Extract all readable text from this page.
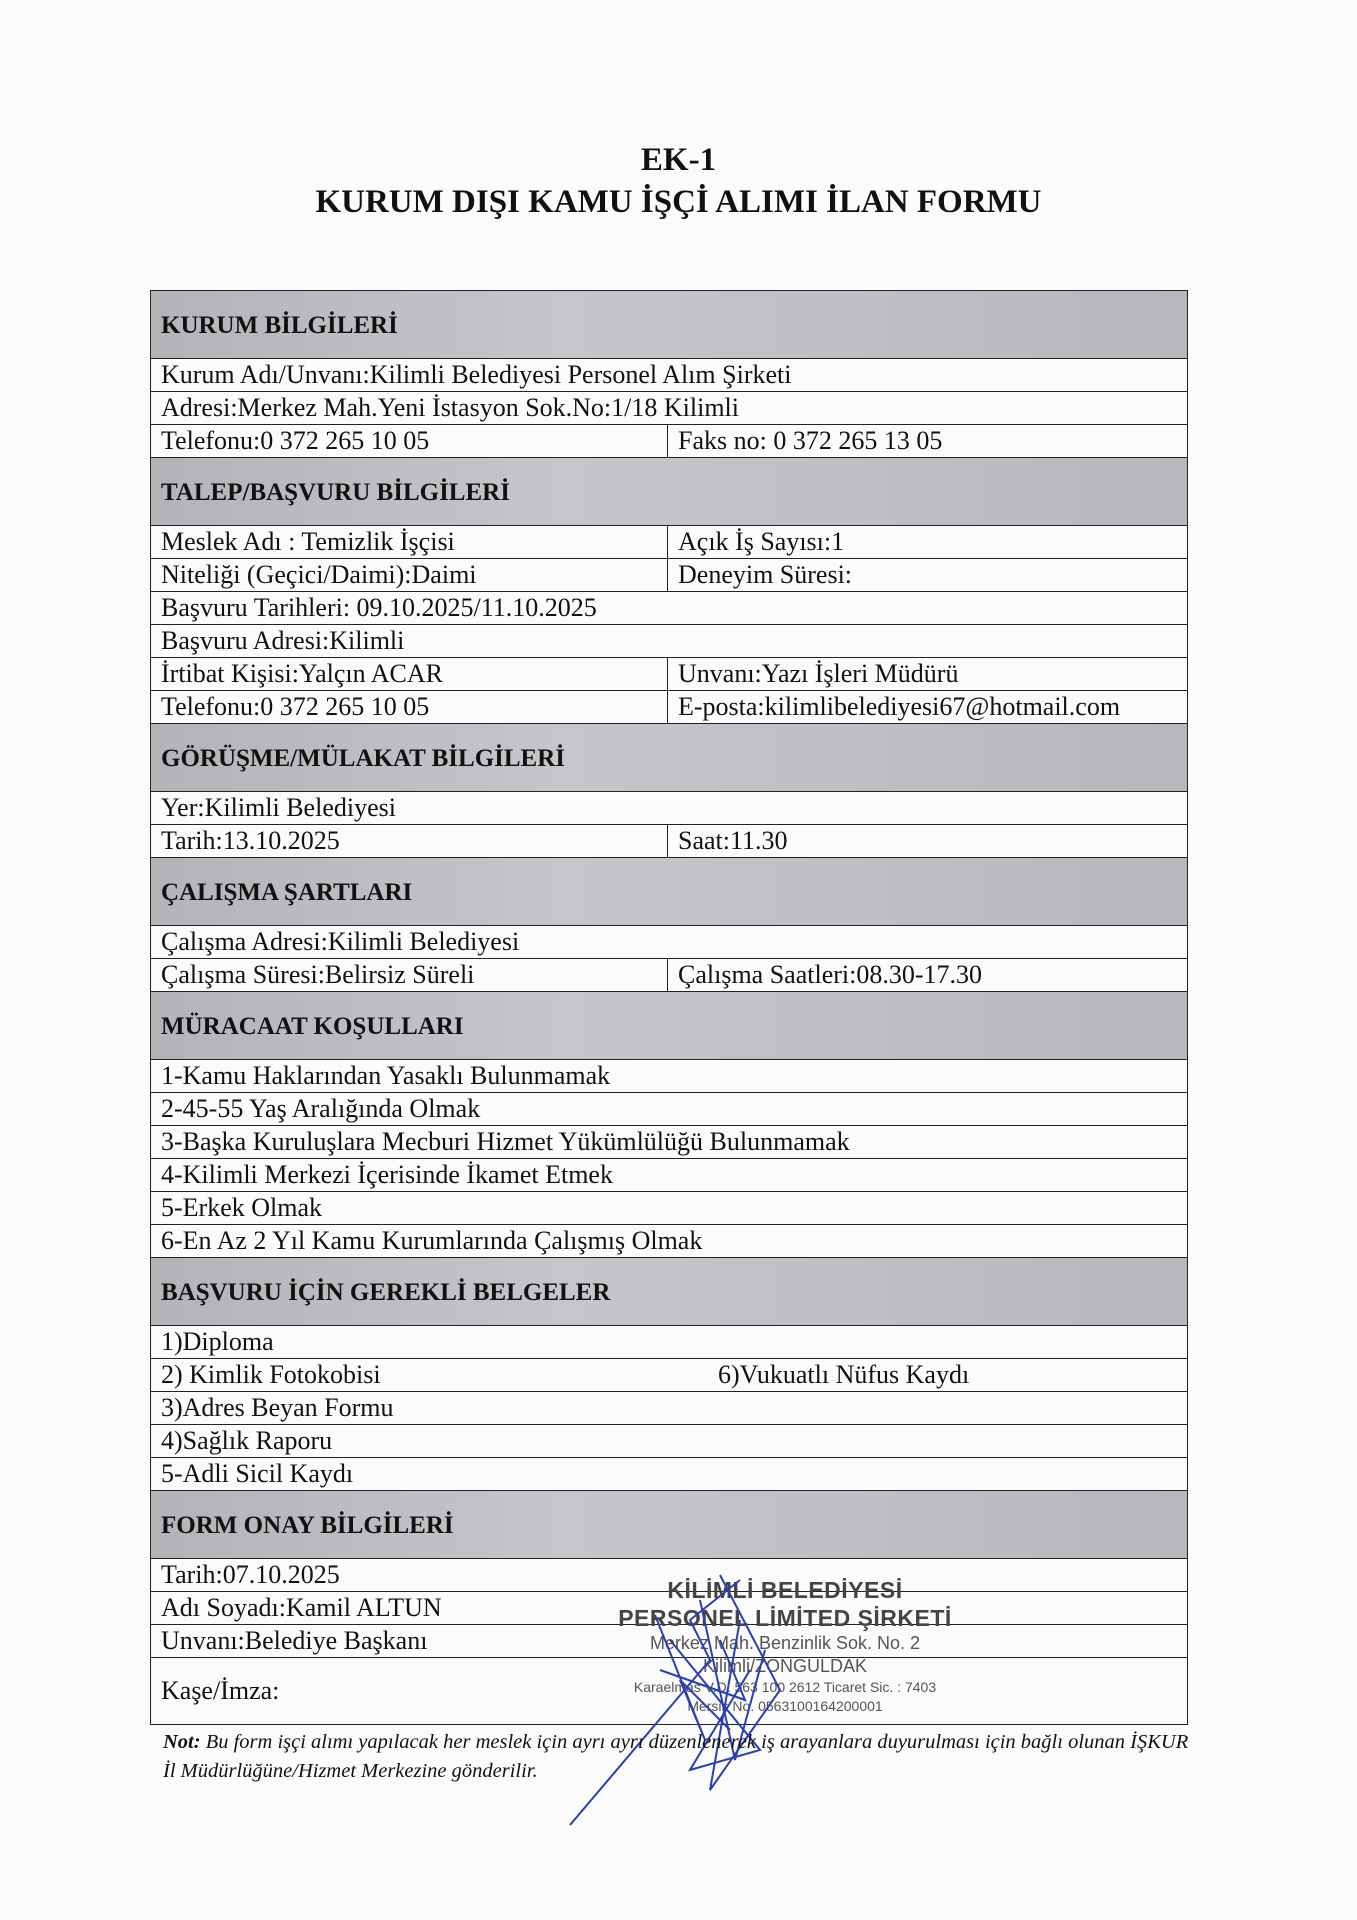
EK-1
KURUM DIŞI KAMU İŞÇİ ALIMI İLAN FORMU
KURUM BİLGİLERİ	
Kurum Adı/Unvanı:Kilimli Belediyesi Personel Alım Şirketi	
Adresi:Merkez Mah.Yeni İstasyon Sok.No:1/18 Kilimli	
Telefonu:0 372 265 10 05	Faks no: 0 372 265 13 05
TALEP/BAŞVURU BİLGİLERİ	
Meslek Adı : Temizlik İşçisi	Açık İş Sayısı:1
Niteliği (Geçici/Daimi):Daimi	Deneyim Süresi:
Başvuru Tarihleri: 09.10.2025/11.10.2025	
Başvuru Adresi:Kilimli	
İrtibat Kişisi:Yalçın ACAR	Unvanı:Yazı İşleri Müdürü
Telefonu:0 372 265 10 05	E-posta:kilimlibelediyesi67@hotmail.com
GÖRÜŞME/MÜLAKAT BİLGİLERİ	
Yer:Kilimli Belediyesi	
Tarih:13.10.2025	Saat:11.30
ÇALIŞMA ŞARTLARI	
Çalışma Adresi:Kilimli Belediyesi	
Çalışma Süresi:Belirsiz Süreli	Çalışma Saatleri:08.30-17.30
MÜRACAAT KOŞULLARI	
1-Kamu Haklarından Yasaklı Bulunmamak	
2-45-55 Yaş Aralığında Olmak	
3-Başka Kuruluşlara Mecburi Hizmet Yükümlülüğü Bulunmamak	
4-Kilimli Merkezi İçerisinde İkamet Etmek	
5-Erkek Olmak	
6-En Az 2 Yıl Kamu Kurumlarında Çalışmış Olmak	
BAŞVURU İÇİN GEREKLİ BELGELER	
1)Diploma	
2) Kimlik Fotokobisi 6)Vukuatlı Nüfus Kaydı	

3)Adres Beyan Formu	
4)Sağlık Raporu	
5-Adli Sicil Kaydı	
FORM ONAY BİLGİLERİ	
Tarih:07.10.2025	
Adı Soyadı:Kamil ALTUN	
Unvanı:Belediye Başkanı	
Kaşe/İmza:	
KİLİMLİ BELEDİYESİ
PERSONEL LİMİTED ŞİRKETİ
Merkez Mah. Benzinlik Sok. No. 2
Kilimli/ZONGULDAK
Karaelmas V.D. 563 100 2612 Ticaret Sic. : 7403
Mersis No. 0563100164200001
Not: Bu form işçi alımı yapılacak her meslek için ayrı ayrı düzenlenerek iş arayanlara duyurulması için bağlı olunan İŞKUR İl Müdürlüğüne/Hizmet Merkezine gönderilir.
